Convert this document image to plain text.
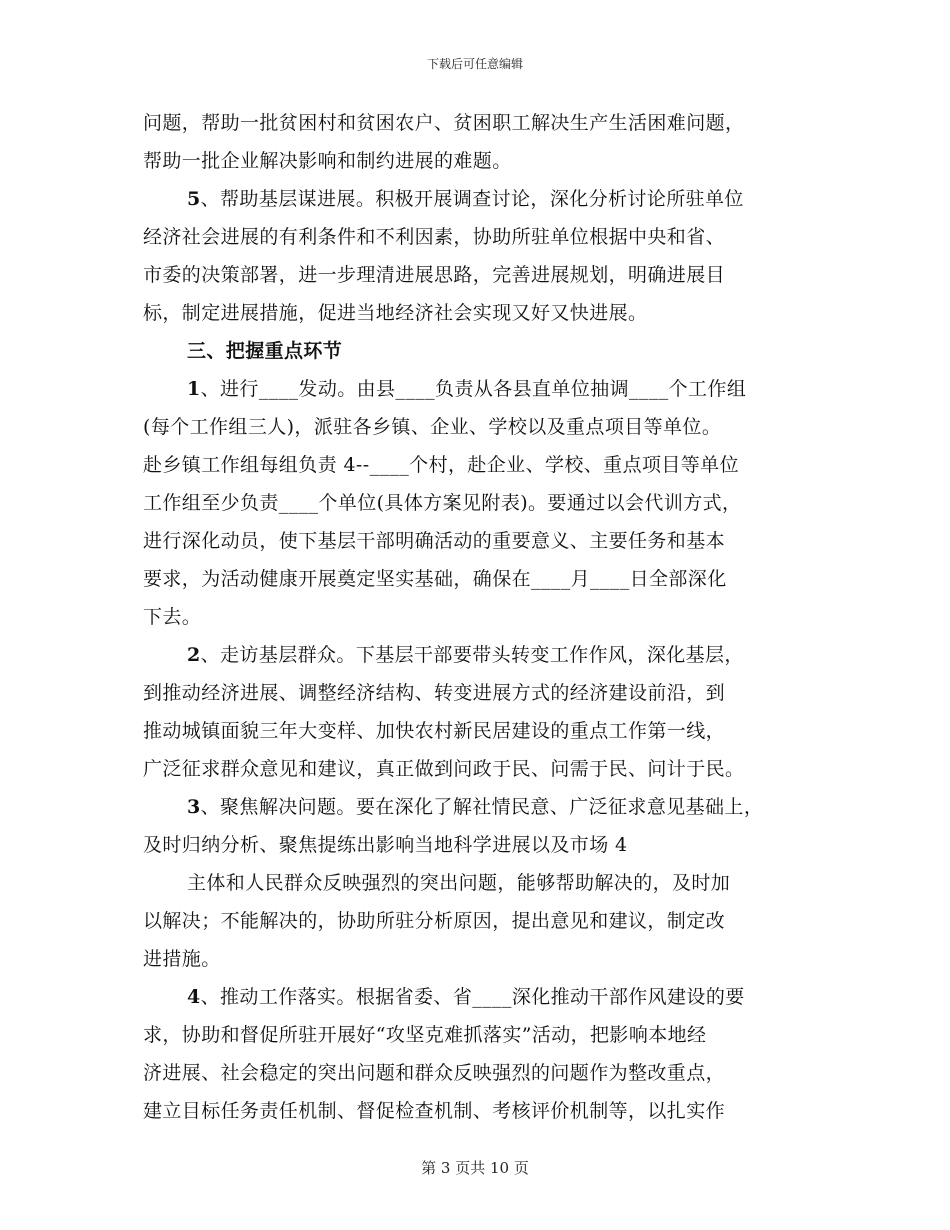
下载后可任意编辑
问题，帮助一批贫困村和贫困农户、贫困职工解决生产生活困难问题，
帮助一批企业解决影响和制约进展的难题。
5、帮助基层谋进展。积极开展调查讨论，深化分析讨论所驻单位
经济社会进展的有利条件和不利因素，协助所驻单位根据中央和省、
市委的决策部署，进一步理清进展思路，完善进展规划，明确进展目
标，制定进展措施，促进当地经济社会实现又好又快进展。
三、把握重点环节
1、进行____发动。由县____负责从各县直单位抽调____个工作组
(每个工作组三人)，派驻各乡镇、企业、学校以及重点项目等单位。
赴乡镇工作组每组负责 4--____个村，赴企业、学校、重点项目等单位
工作组至少负责____个单位(具体方案见附表)。要通过以会代训方式，
进行深化动员，使下基层干部明确活动的重要意义、主要任务和基本
要求，为活动健康开展奠定坚实基础，确保在____月____日全部深化
下去。
2、走访基层群众。下基层干部要带头转变工作作风，深化基层，
到推动经济进展、调整经济结构、转变进展方式的经济建设前沿，到
推动城镇面貌三年大变样、加快农村新民居建设的重点工作第一线，
广泛征求群众意见和建议，真正做到问政于民、问需于民、问计于民。
3、聚焦解决问题。要在深化了解社情民意、广泛征求意见基础上，
及时归纳分析、聚焦提练出影响当地科学进展以及市场 4
主体和人民群众反映强烈的突出问题，能够帮助解决的，及时加
以解决；不能解决的，协助所驻分析原因，提出意见和建议，制定改
进措施。
4、推动工作落实。根据省委、省____深化推动干部作风建设的要
求，协助和督促所驻开展好“攻坚克难抓落实”活动，把影响本地经
济进展、社会稳定的突出问题和群众反映强烈的问题作为整改重点，
建立目标任务责任机制、督促检查机制、考核评价机制等，以扎实作
第 3 页共 10 页
